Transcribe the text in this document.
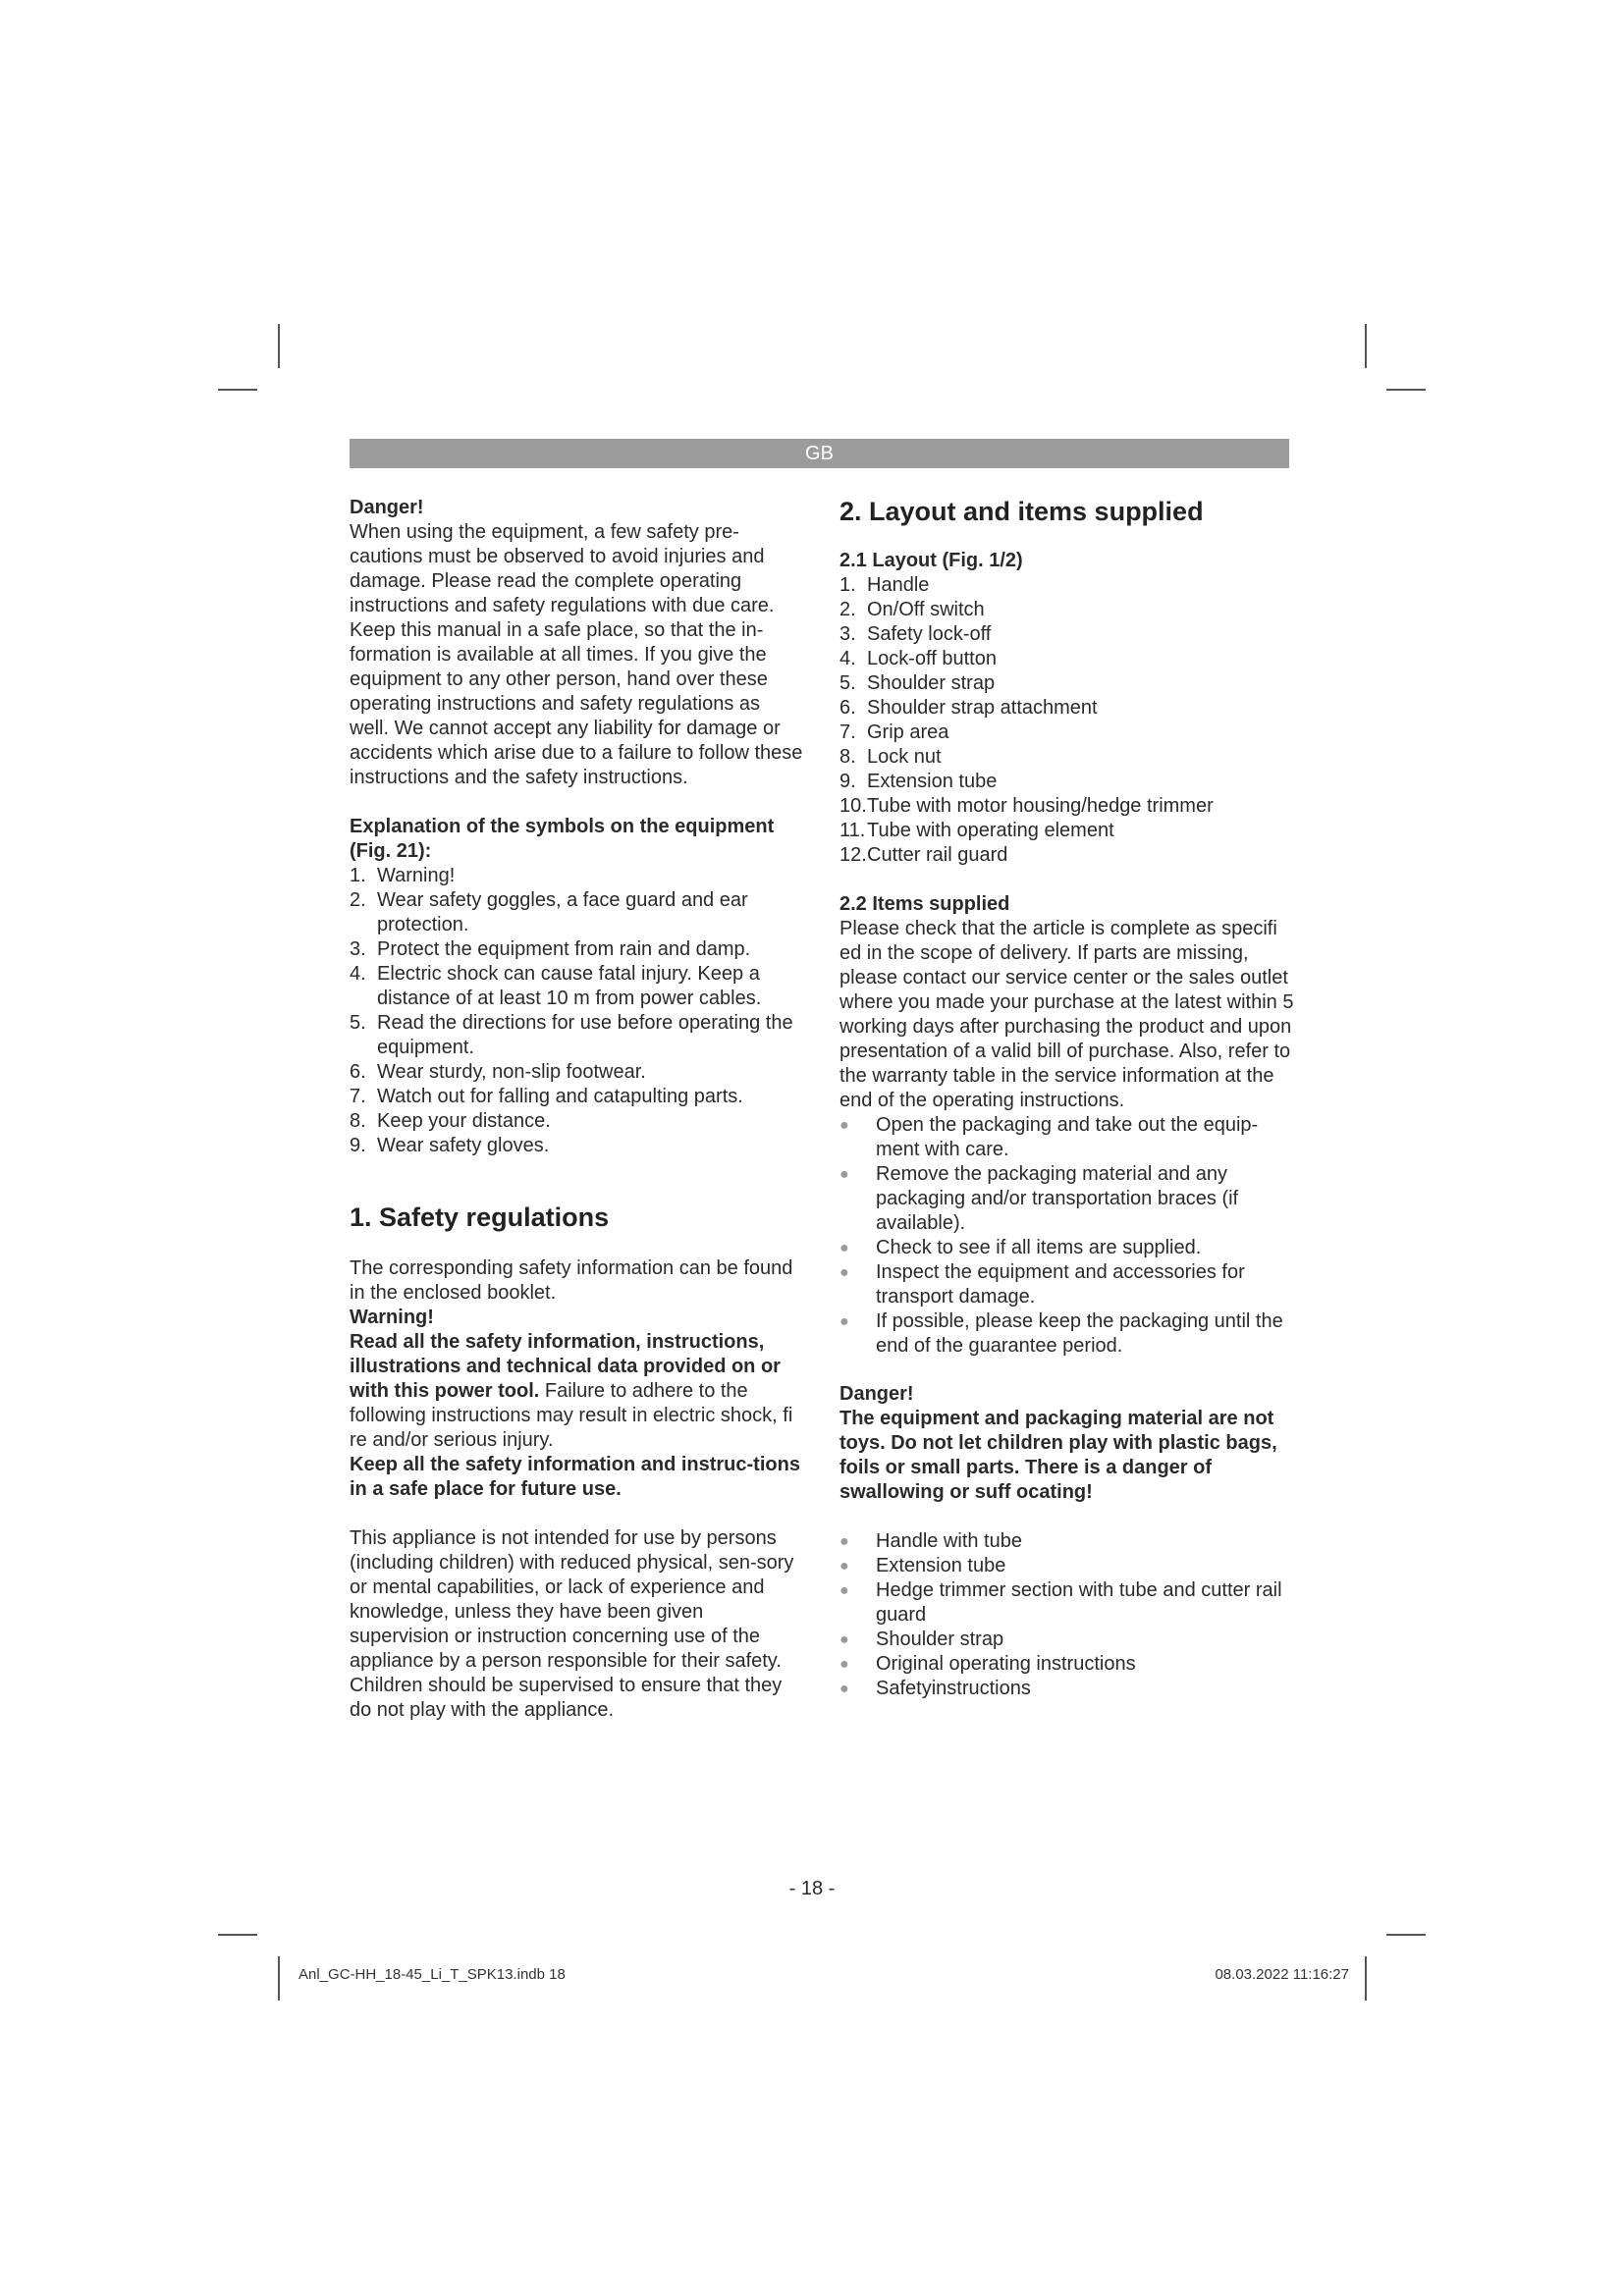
GB

Danger!

When using the equipment, a few safety pre-cautions must be observed to avoid injuries and damage. Please read the complete operating instructions and safety regulations with due care. Keep this manual in a safe place, so that the in-formation is available at all times. If you give the equipment to any other person, hand over these operating instructions and safety regulations as well. We cannot accept any liability for damage or accidents which arise due to a failure to follow these instructions and the safety instructions.

Explanation of the symbols on the equipment (Fig. 21):

1. Warning!
2. Wear safety goggles, a face guard and ear protection.
3. Protect the equipment from rain and damp.
4. Electric shock can cause fatal injury. Keep a distance of at least 10 m from power cables.
5. Read the directions for use before operating the equipment.
6. Wear sturdy, non-slip footwear.
7. Watch out for falling and catapulting parts.
8. Keep your distance.
9. Wear safety gloves.

1. Safety regulations

The corresponding safety information can be found in the enclosed booklet.

Warning!

Read all the safety information, instructions, illustrations and technical data provided on or with this power tool. Failure to adhere to the following instructions may result in electric shock, fi re and/or serious injury.

Keep all the safety information and instruc-tions in a safe place for future use.

This appliance is not intended for use by persons (including children) with reduced physical, sen-sory or mental capabilities, or lack of experience and knowledge, unless they have been given supervision or instruction concerning use of the appliance by a person responsible for their safety. Children should be supervised to ensure that they do not play with the appliance.

2. Layout and items supplied

2.1 Layout (Fig. 1/2)

1. Handle
2. On/Off switch
3. Safety lock-off
4. Lock-off button
5. Shoulder strap
6. Shoulder strap attachment
7. Grip area
8. Lock nut
9. Extension tube
10. Tube with motor housing/hedge trimmer
11. Tube with operating element
12. Cutter rail guard

2.2 Items supplied

Please check that the article is complete as specifi ed in the scope of delivery. If parts are missing, please contact our service center or the sales outlet where you made your purchase at the latest within 5 working days after purchasing the product and upon presentation of a valid bill of purchase. Also, refer to the warranty table in the service information at the end of the operating instructions.

●	Open the packaging and take out the equip-ment with care.
●	Remove the packaging material and any packaging and/or transportation braces (if available).
●	Check to see if all items are supplied.
●	Inspect the equipment and accessories for transport damage.
●	If possible, please keep the packaging until the end of the guarantee period.

Danger!

The equipment and packaging material are not toys. Do not let children play with plastic bags, foils or small parts. There is a danger of swallowing or suff ocating!

●	Handle with tube
●	Extension tube
●	Hedge trimmer section with tube and cutter rail guard
●	Shoulder strap
●	Original operating instructions
●	Safetyinstructions
- 18 -
Anl_GC-HH_18-45_Li_T_SPK13.indb 18	08.03.2022 11:16:27
